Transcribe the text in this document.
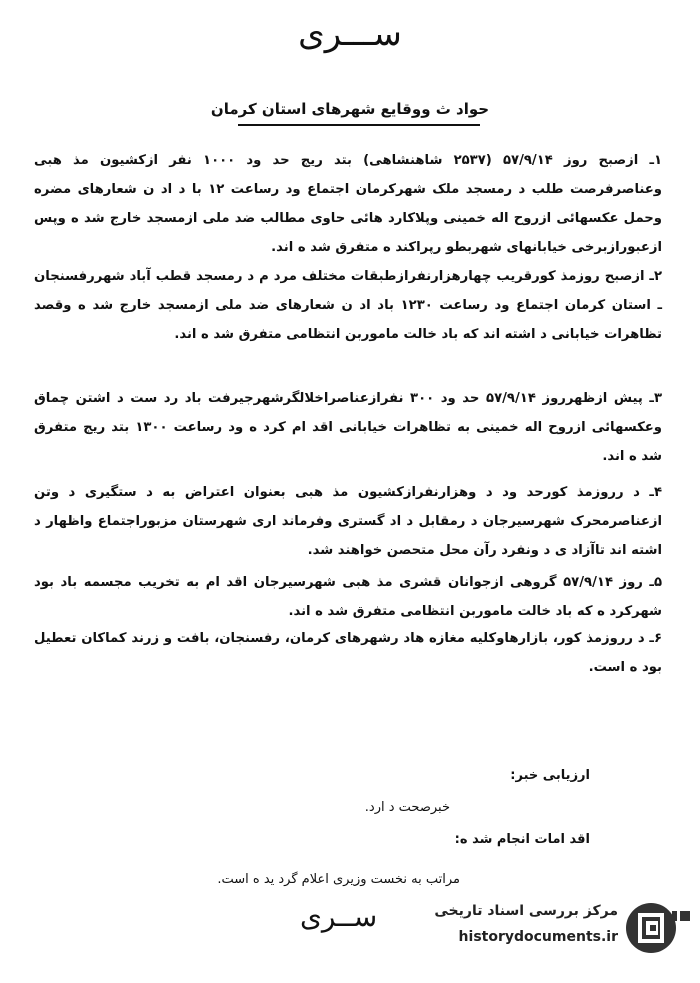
ســـری
حواد ث ووقایع شهرهای استان کرمان
۱ـ ازصبح روز ۵۷/۹/۱۴ (۲۵۳۷ شاهنشاهی) بتد ریج حد ود ۱۰۰۰ نفر ازکشیون مذ هبی وعناصرفرصت طلب د رمسجد ملک شهرکرمان اجتماع ود رساعت ۱۲ با د اد ن شعارهای مضره وحمل عکسهائی ازروح اله خمینی وپلاکارد هائی حاوی مطالب ضد ملی ازمسجد خارج شد ه وپس ازعبورازبرخی خیابانهای شهربطو رپراکند ه متفرق شد ه اند.
۲ـ ازصبح روزمذ کورقریب چهارهزارنفرازطبقات مختلف مرد م د رمسجد قطب آباد شهررفسنجان ـ استان کرمان اجتماع ود رساعت ۱۲۳۰ باد اد ن شعارهای ضد ملی ازمسجد خارج شد ه وقصد تظاهرات خیابانی د اشته اند که باد خالت ماموربن انتظامی متفرق شد ه اند.
۳ـ پیش ازظهرروز ۵۷/۹/۱۴ حد ود ۳۰۰ نفرازعناصراخلالگرشهرجیرفت باد رد ست د اشتن چماق وعکسهائی ازروح اله خمینی به تظاهرات خیابانی اقد ام کرد ه ود رساعت ۱۳۰۰ بتد ریج متفرق شد ه اند.
۴ـ د رروزمذ کورحد ود د وهزارنفرازکشیون مذ هبی بعنوان اعتراض به د ستگیری د وتن ازعناصرمحرک شهرسیرجان د رمقابل د اد گستری وفرماند اری شهرستان مزبوراجتماع واظهار د اشته اند تاآزاد ی د ونفرد رآن محل متحصن خواهند شد.
۵ـ روز ۵۷/۹/۱۴ گروهی ازجوانان قشری مذ هبی شهرسیرجان اقد ام به تخریب مجسمه باد بود شهرکرد ه که باد خالت ماموربن انتظامی متفرق شد ه اند.
۶ـ د رروزمذ کور، بازارهاوکلیه مغازه هاد رشهرهای کرمان، رفسنجان، بافت و زرند کماکان تعطیل بود ه است.
ارزیابی خبر:
خبرصحت د ارد.
اقد امات انجام شد ه:
مراتب به نخست وزیری اعلام گرد ید ه است.
ســری	مرکز بررسی اسناد تاریخی
historydocuments.ir
